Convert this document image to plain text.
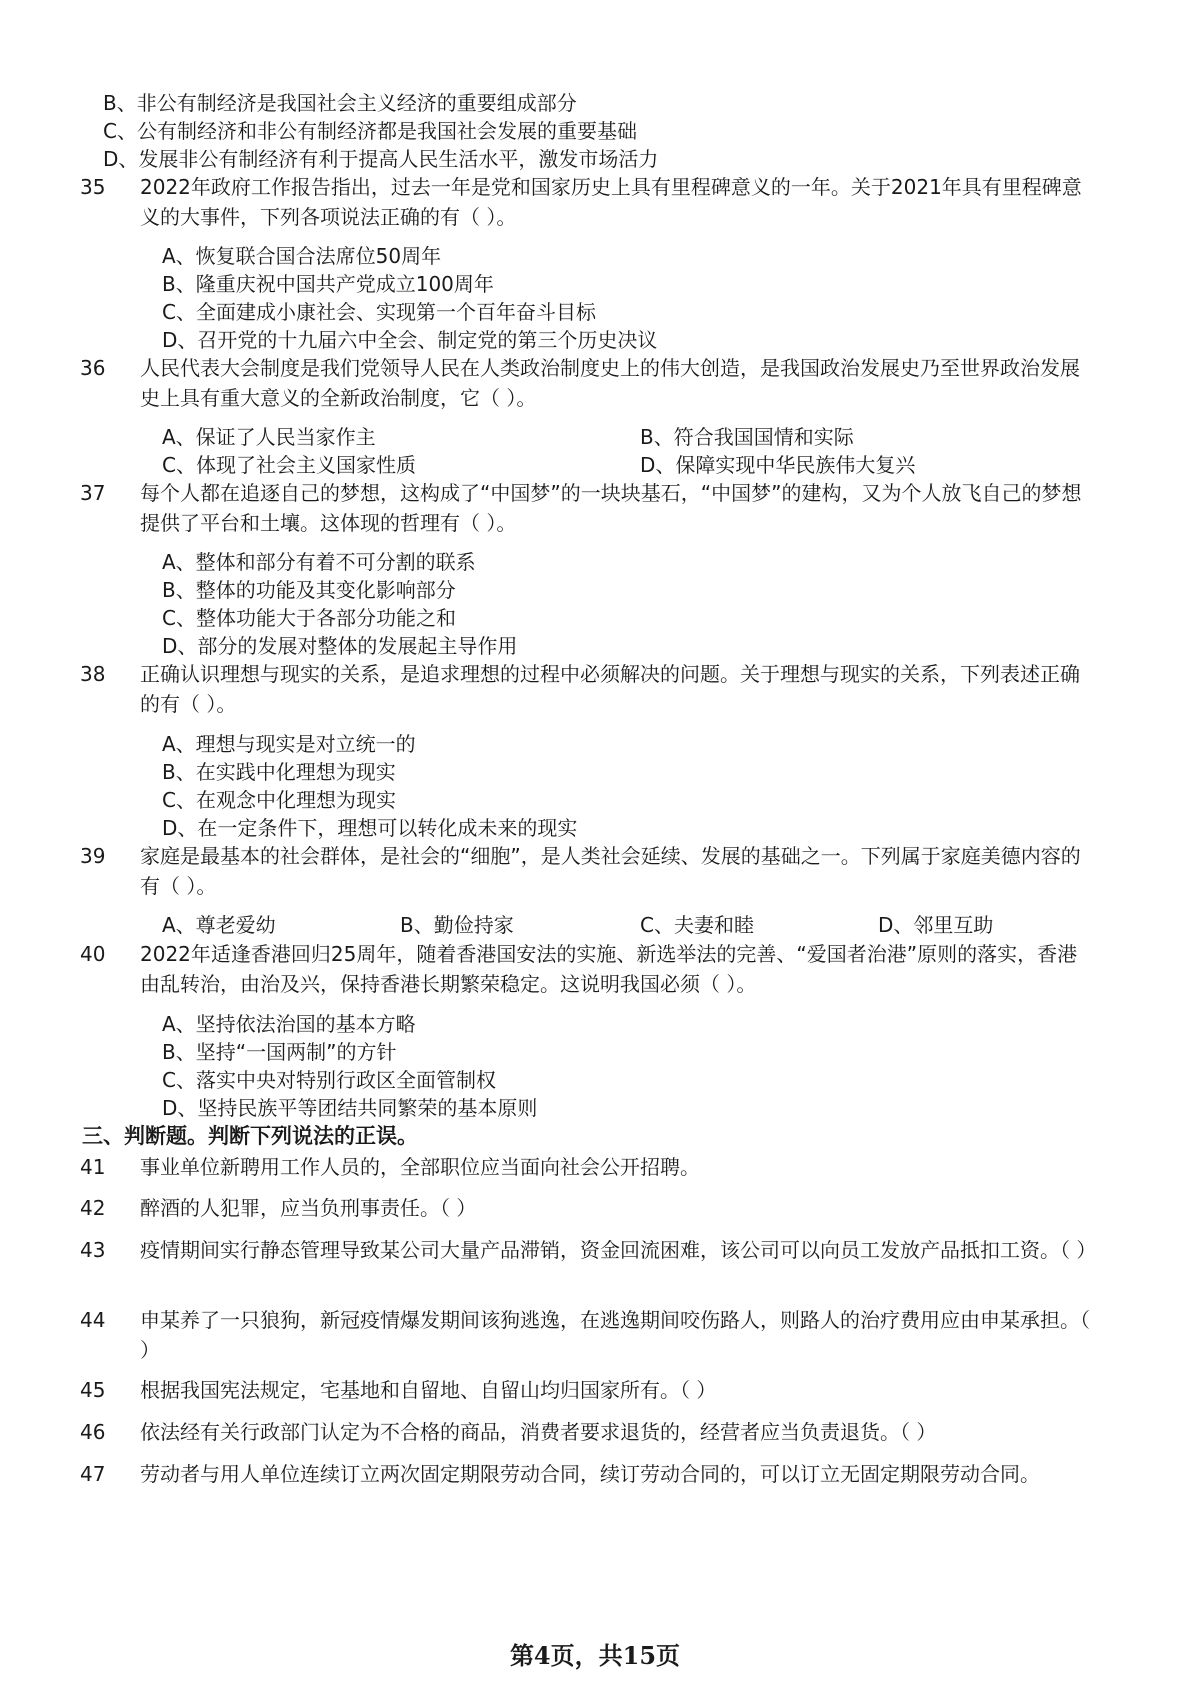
B、非公有制经济是我国社会主义经济的重要组成部分
C、公有制经济和非公有制经济都是我国社会发展的重要基础
D、发展非公有制经济有利于提高人民生活水平，激发市场活力
35	2022年政府工作报告指出，过去一年是党和国家历史上具有里程碑意义的一年。关于2021年具有里程碑意义的大事件，下列各项说法正确的有（ ）。
A、恢复联合国合法席位50周年
B、隆重庆祝中国共产党成立100周年
C、全面建成小康社会、实现第一个百年奋斗目标
D、召开党的十九届六中全会、制定党的第三个历史决议
36	人民代表大会制度是我们党领导人民在人类政治制度史上的伟大创造，是我国政治发展史乃至世界政治发展史上具有重大意义的全新政治制度，它（ ）。
A、保证了人民当家作主	B、符合我国国情和实际
C、体现了社会主义国家性质	D、保障实现中华民族伟大复兴
37	每个人都在追逐自己的梦想，这构成了“中国梦”的一块块基石，“中国梦”的建构，又为个人放飞自己的梦想提供了平台和土壤。这体现的哲理有（ ）。
A、整体和部分有着不可分割的联系
B、整体的功能及其变化影响部分
C、整体功能大于各部分功能之和
D、部分的发展对整体的发展起主导作用
38	正确认识理想与现实的关系，是追求理想的过程中必须解决的问题。关于理想与现实的关系，下列表述正确的有（ ）。
A、理想与现实是对立统一的
B、在实践中化理想为现实
C、在观念中化理想为现实
D、在一定条件下，理想可以转化成未来的现实
39	家庭是最基本的社会群体，是社会的“细胞”，是人类社会延续、发展的基础之一。下列属于家庭美德内容的有（ ）。
A、尊老爱幼	B、勤俭持家	C、夫妻和睦	D、邻里互助
40	2022年适逢香港回归25周年，随着香港国安法的实施、新选举法的完善、“爱国者治港”原则的落实，香港由乱转治，由治及兴，保持香港长期繁荣稳定。这说明我国必须（ ）。
A、坚持依法治国的基本方略
B、坚持“一国两制”的方针
C、落实中央对特别行政区全面管制权
D、坚持民族平等团结共同繁荣的基本原则
三、判断题。判断下列说法的正误。
41	事业单位新聘用工作人员的，全部职位应当面向社会公开招聘。
42	醉酒的人犯罪，应当负刑事责任。（ ）
43	疫情期间实行静态管理导致某公司大量产品滞销，资金回流困难，该公司可以向员工发放产品抵扣工资。（ ）
44	申某养了一只狼狗，新冠疫情爆发期间该狗逃逸，在逃逸期间咬伤路人，则路人的治疗费用应由申某承担。（ ）
45	根据我国宪法规定，宅基地和自留地、自留山均归国家所有。（ ）
46	依法经有关行政部门认定为不合格的商品，消费者要求退货的，经营者应当负责退货。（ ）
47	劳动者与用人单位连续订立两次固定期限劳动合同，续订劳动合同的，可以订立无固定期限劳动合同。
第4页，共15页
